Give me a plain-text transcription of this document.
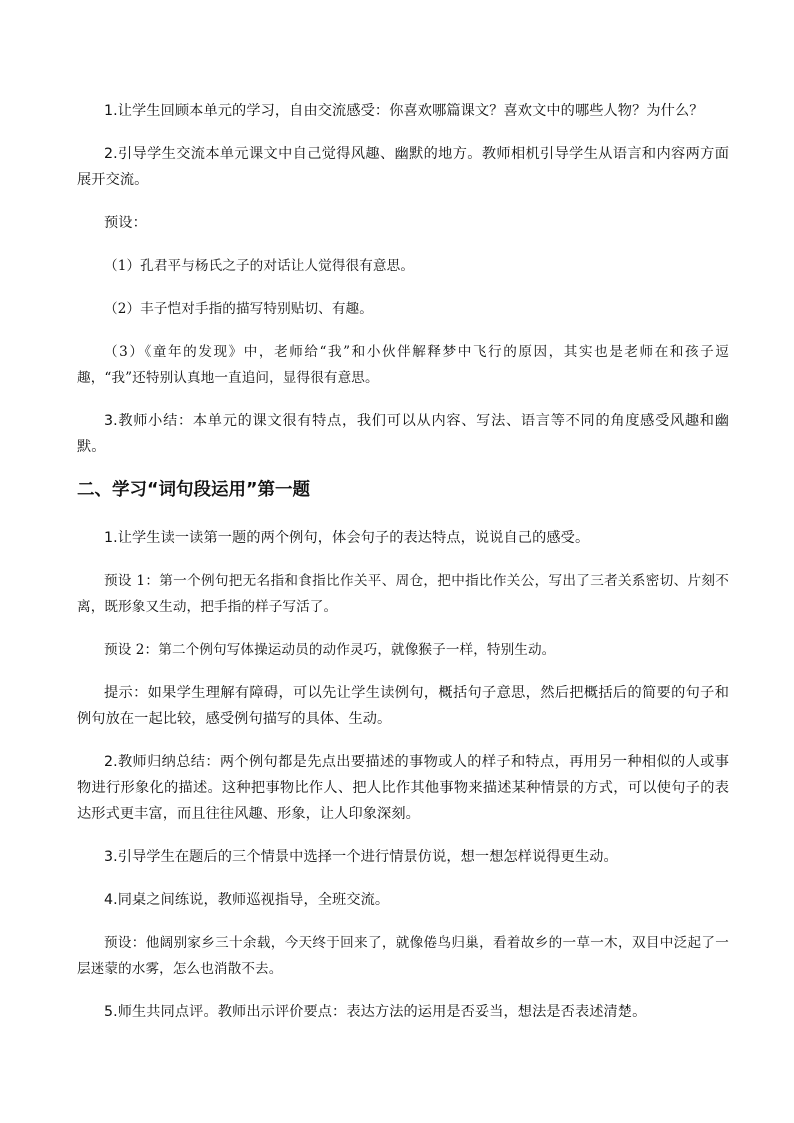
1.让学生回顾本单元的学习，自由交流感受：你喜欢哪篇课文？喜欢文中的哪些人物？为什么？

2.引导学生交流本单元课文中自己觉得风趣、幽默的地方。教师相机引导学生从语言和内容两方面展开交流。

预设：

（1）孔君平与杨氏之子的对话让人觉得很有意思。

（2）丰子恺对手指的描写特别贴切、有趣。

（3）《童年的发现》中，老师给“我”和小伙伴解释梦中飞行的原因，其实也是老师在和孩子逗趣，“我”还特别认真地一直追问，显得很有意思。

3.教师小结：本单元的课文很有特点，我们可以从内容、写法、语言等不同的角度感受风趣和幽默。

二、学习“词句段运用”第一题

1.让学生读一读第一题的两个例句，体会句子的表达特点，说说自己的感受。

预设 1：第一个例句把无名指和食指比作关平、周仓，把中指比作关公，写出了三者关系密切、片刻不离，既形象又生动，把手指的样子写活了。

预设 2：第二个例句写体操运动员的动作灵巧，就像猴子一样，特别生动。

提示：如果学生理解有障碍，可以先让学生读例句，概括句子意思，然后把概括后的简要的句子和例句放在一起比较，感受例句描写的具体、生动。

2.教师归纳总结：两个例句都是先点出要描述的事物或人的样子和特点，再用另一种相似的人或事物进行形象化的描述。这种把事物比作人、把人比作其他事物来描述某种情景的方式，可以使句子的表达形式更丰富，而且往往风趣、形象，让人印象深刻。

3.引导学生在题后的三个情景中选择一个进行情景仿说，想一想怎样说得更生动。

4.同桌之间练说，教师巡视指导，全班交流。

预设：他阔别家乡三十余载，今天终于回来了，就像倦鸟归巢，看着故乡的一草一木，双目中泛起了一层迷蒙的水雾，怎么也消散不去。

5.师生共同点评。教师出示评价要点：表达方法的运用是否妥当，想法是否表述清楚。
